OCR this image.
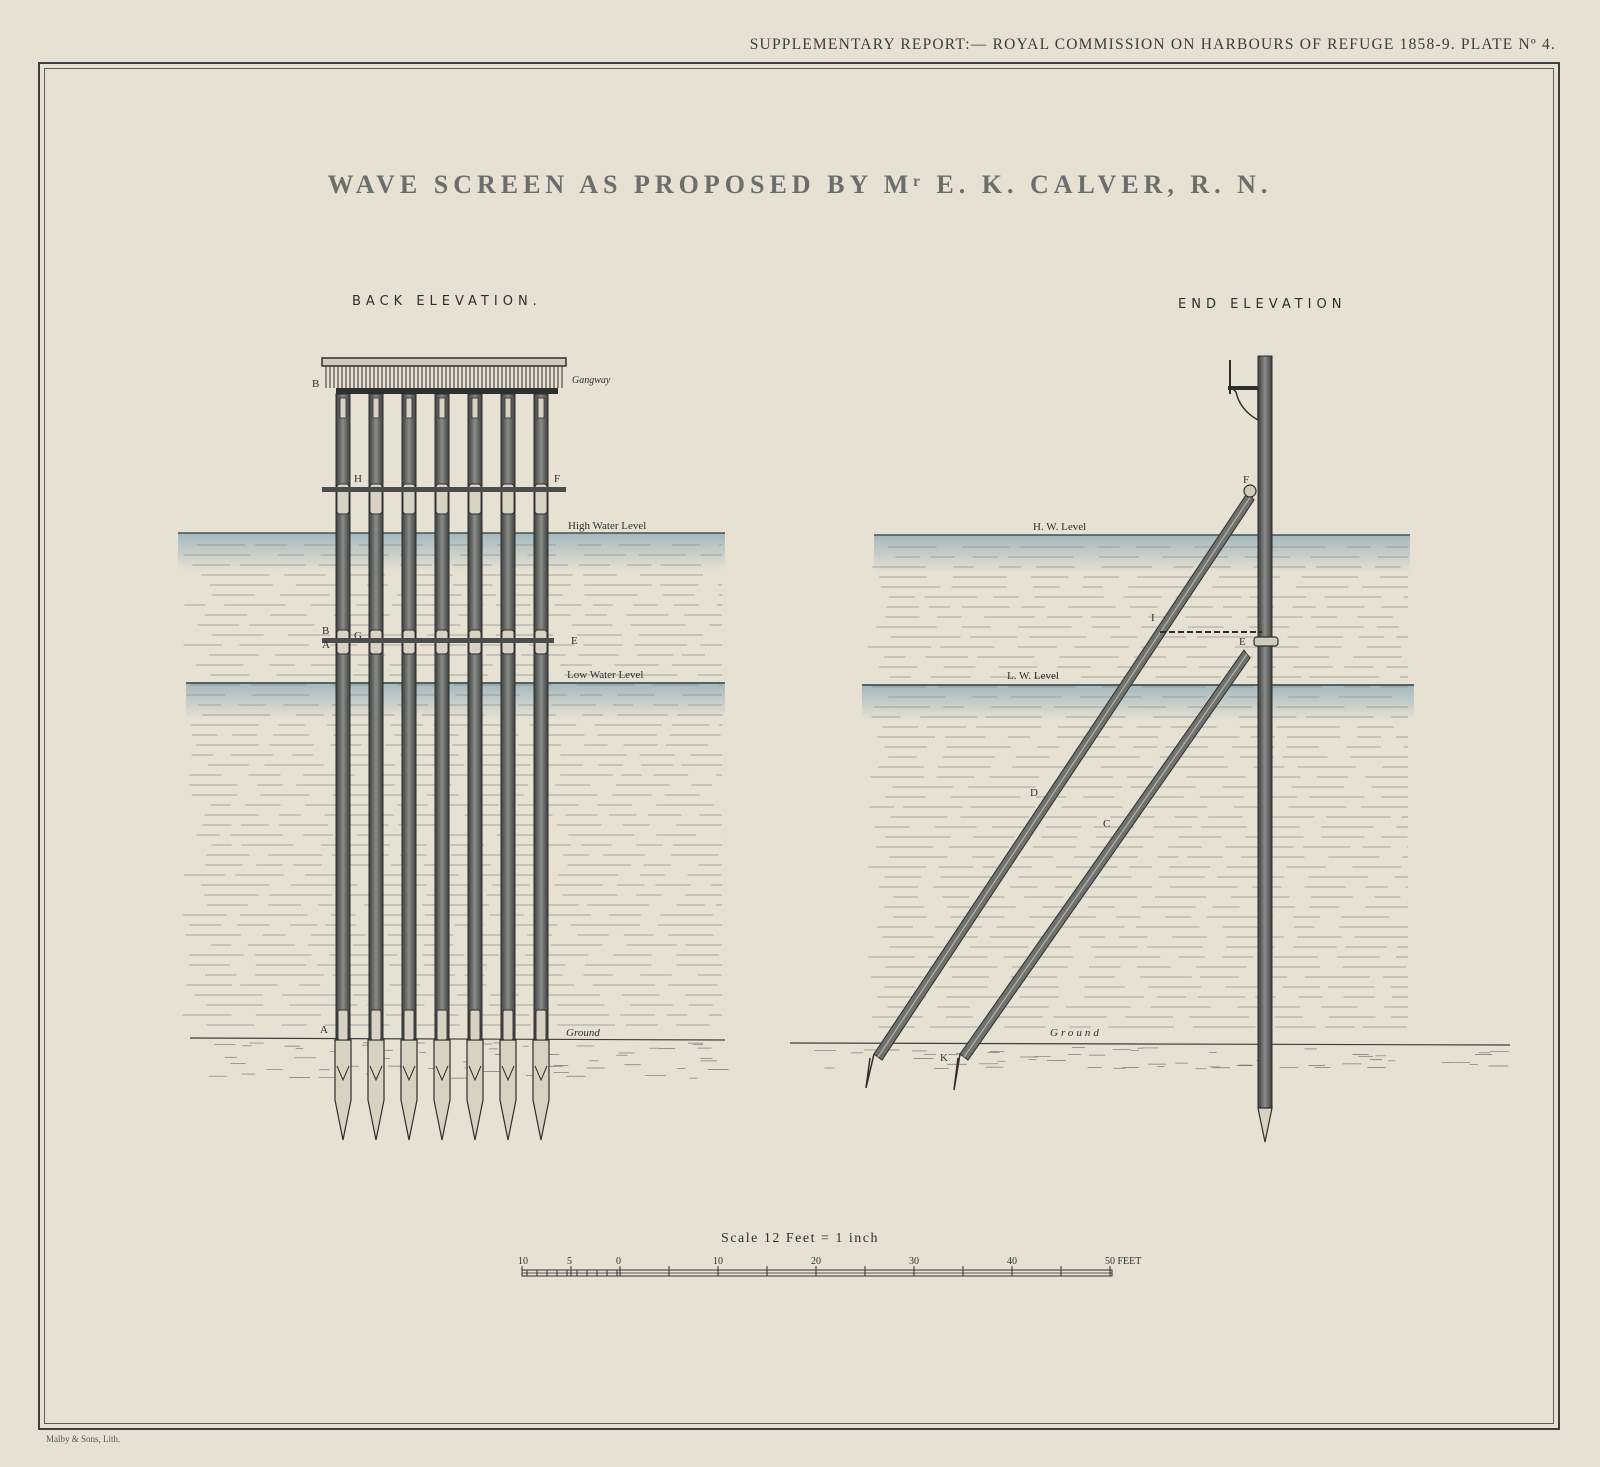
SUPPLEMENTARY REPORT:— ROYAL COMMISSION ON HARBOURS OF REFUGE 1858-9. PLATE Nº 4.
WAVE SCREEN AS PROPOSED BY Mʳ E. K. CALVER, R. N.
BACK ELEVATION.	END ELEVATION
B	Gangway
H	F
High Water Level
B
A
G	E
Low Water Level
A	Ground
F
H. W. Level
I
E
L. W. Level
D
C
Ground
K
Scale 12 Feet = 1 inch
10	5	0	10	20	30	40	50 FEET
Malby & Sons, Lith.
